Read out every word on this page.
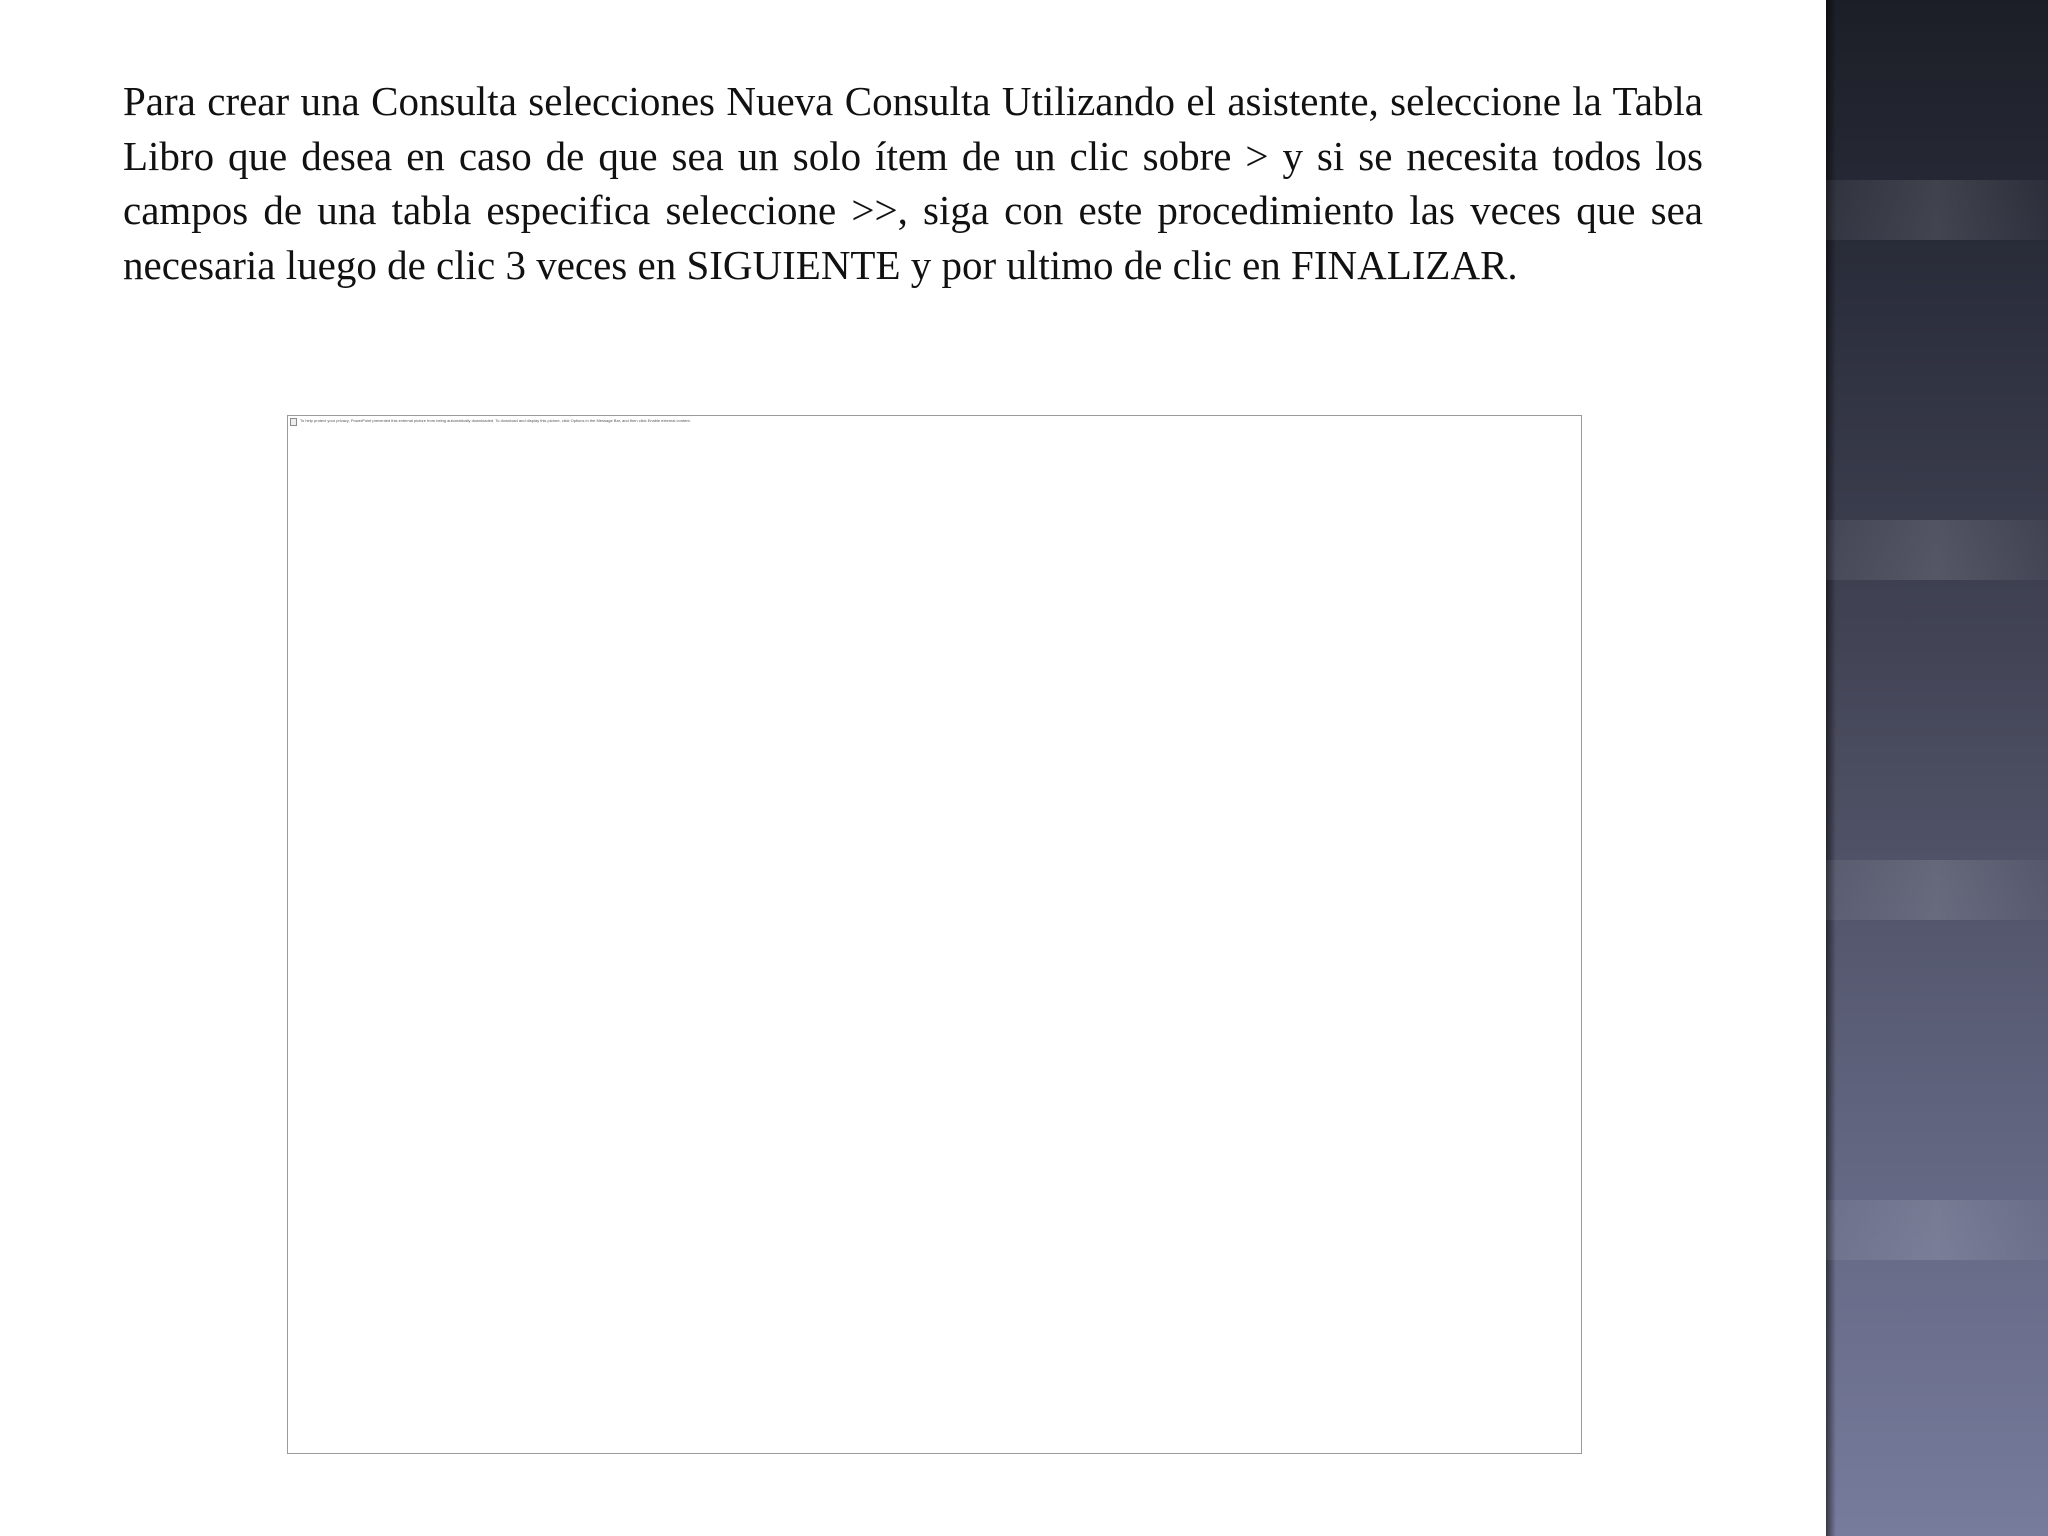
Para crear una Consulta selecciones Nueva Consulta Utilizando el asistente, seleccione la Tabla Libro que desea en caso de que sea un solo ítem de un clic sobre > y si se necesita todos los campos de una tabla especifica seleccione >>, siga con este procedimiento las veces que sea necesaria luego de clic 3 veces en SIGUIENTE y por ultimo de clic en FINALIZAR.

To help protect your privacy, PowerPoint prevented this external picture from being automatically downloaded. To download and display this picture, click Options in the Message Bar, and then click Enable external content.
